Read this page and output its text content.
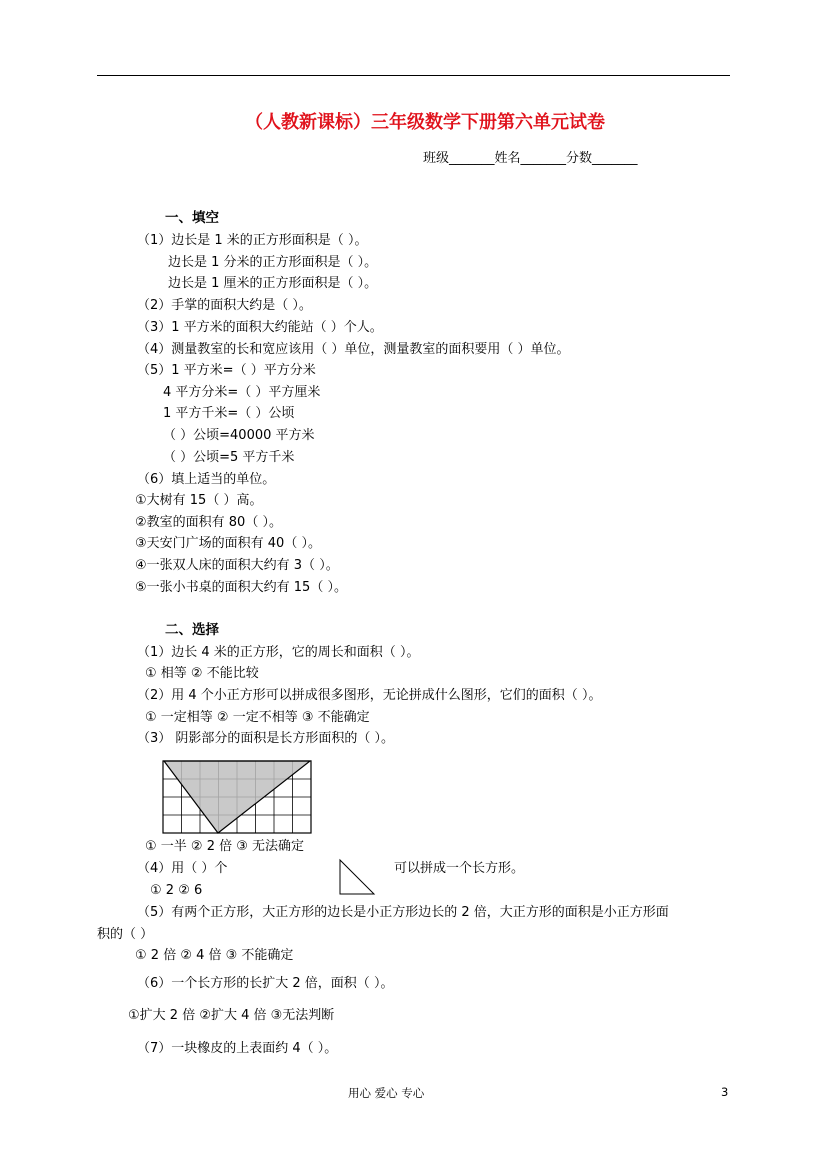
（人教新课标）三年级数学下册第六单元试卷
班级_______姓名_______分数_______
一、填空
（1）边长是 1 米的正方形面积是（ ）。
边长是 1 分米的正方形面积是（ ）。
边长是 1 厘米的正方形面积是（ ）。
（2）手掌的面积大约是（ ）。
（3）1 平方米的面积大约能站（ ）个人。
（4）测量教室的长和宽应该用（ ）单位，测量教室的面积要用（ ）单位。
（5）1 平方米=（ ）平方分米
4 平方分米=（ ）平方厘米
1 平方千米=（ ）公顷
（ ）公顷=40000 平方米
（ ）公顷=5 平方千米
（6）填上适当的单位。
①大树有 15（ ）高。
②教室的面积有 80（ ）。
③天安门广场的面积有 40（ ）。
④一张双人床的面积大约有 3（ ）。
⑤一张小书桌的面积大约有 15（ ）。
二、选择
（1）边长 4 米的正方形，它的周长和面积（ ）。
① 相等 ② 不能比较
（2）用 4 个小正方形可以拼成很多图形，无论拼成什么图形，它们的面积（ ）。
① 一定相等 ② 一定不相等 ③ 不能确定
（3） 阴影部分的面积是长方形面积的（ ）。
① 一半 ② 2 倍 ③ 无法确定
（4）用（ ）个	可以拼成一个长方形。
① 2 ② 6
（5）有两个正方形，大正方形的边长是小正方形边长的 2 倍，大正方形的面积是小正方形面
积的（ ）
① 2 倍 ② 4 倍 ③ 不能确定
（6）一个长方形的长扩大 2 倍，面积（ ）。
①扩大 2 倍 ②扩大 4 倍 ③无法判断
（7）一块橡皮的上表面约 4（ ）。
用心 爱心 专心	3
